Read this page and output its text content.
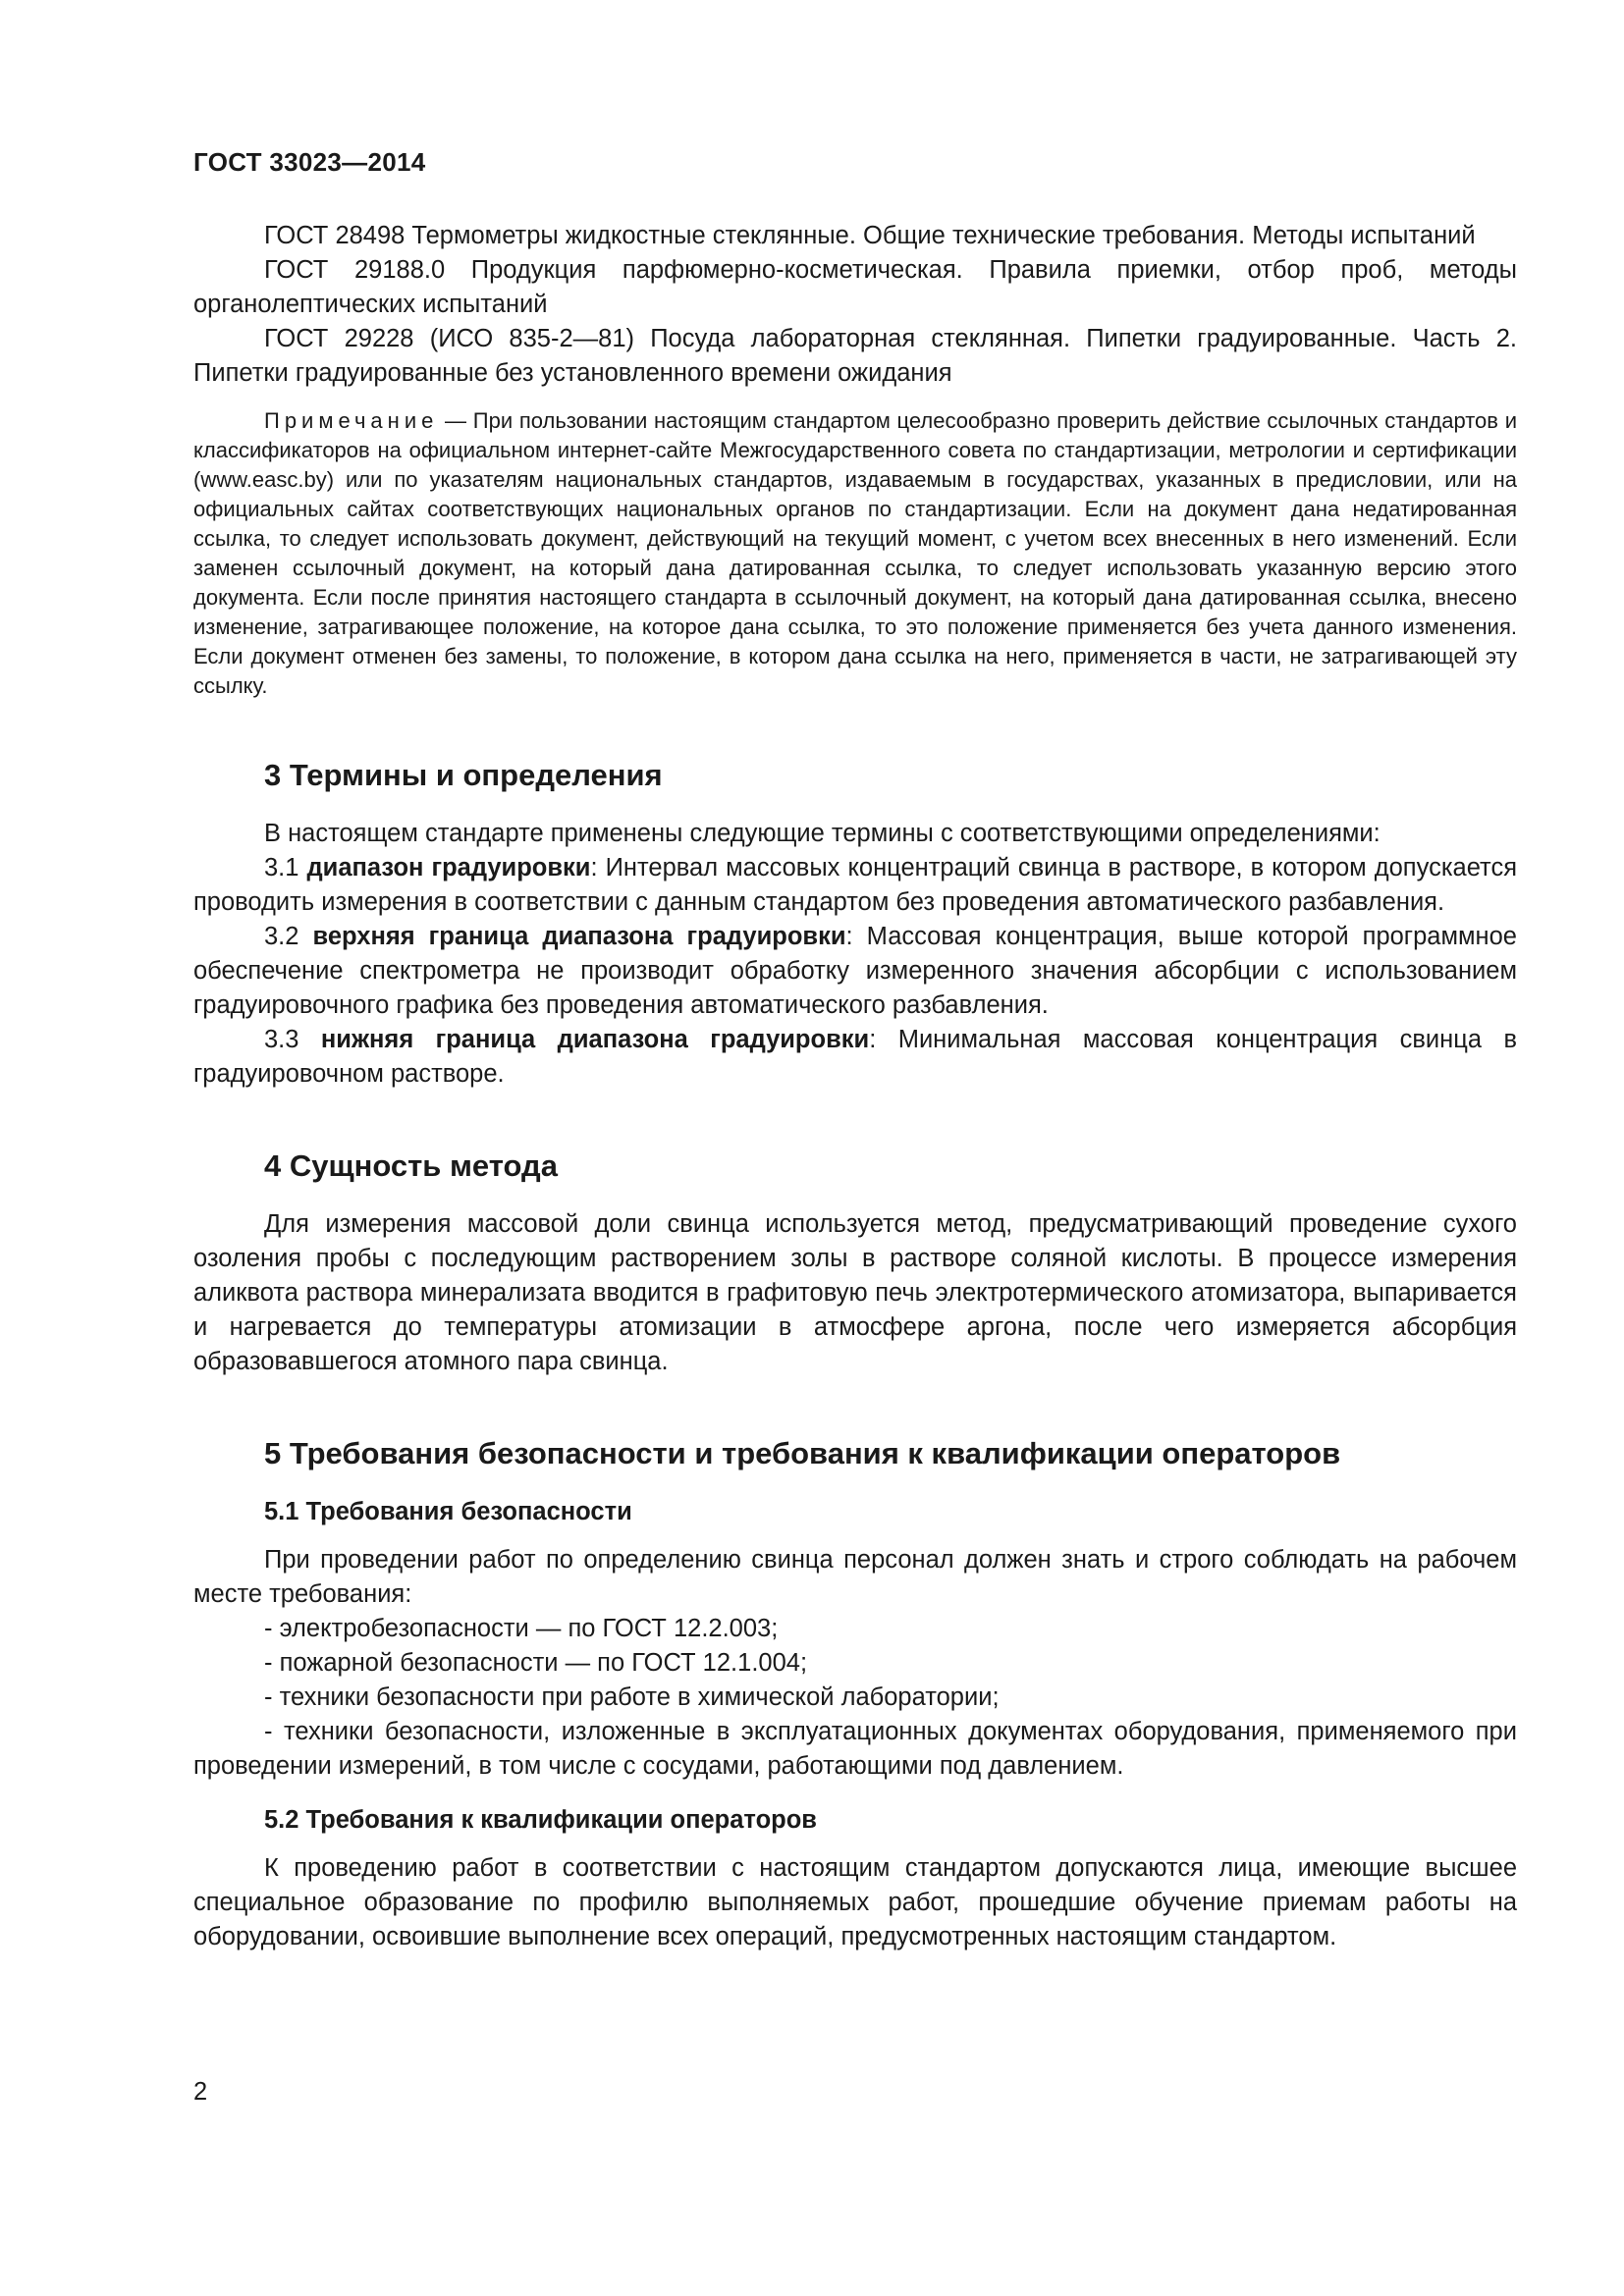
ГОСТ 33023—2014

ГОСТ 28498 Термометры жидкостные стеклянные. Общие технические требования. Методы испытаний

ГОСТ 29188.0 Продукция парфюмерно-косметическая. Правила приемки, отбор проб, методы органолептических испытаний

ГОСТ 29228 (ИСО 835-2—81) Посуда лабораторная стеклянная. Пипетки градуированные. Часть 2. Пипетки градуированные без установленного времени ожидания

Примечание — При пользовании настоящим стандартом целесообразно проверить действие ссылочных стандартов и классификаторов на официальном интернет-сайте Межгосударственного совета по стандартизации, метрологии и сертификации (www.easc.by) или по указателям национальных стандартов, издаваемым в государствах, указанных в предисловии, или на официальных сайтах соответствующих национальных органов по стандартизации. Если на документ дана недатированная ссылка, то следует использовать документ, действующий на текущий момент, с учетом всех внесенных в него изменений. Если заменен ссылочный документ, на который дана датированная ссылка, то следует использовать указанную версию этого документа. Если после принятия настоящего стандарта в ссылочный документ, на который дана датированная ссылка, внесено изменение, затрагивающее положение, на которое дана ссылка, то это положение применяется без учета данного изменения. Если документ отменен без замены, то положение, в котором дана ссылка на него, применяется в части, не затрагивающей эту ссылку.

3 Термины и определения

В настоящем стандарте применены следующие термины с соответствующими определениями:

3.1 диапазон градуировки: Интервал массовых концентраций свинца в растворе, в котором допускается проводить измерения в соответствии с данным стандартом без проведения автоматического разбавления.

3.2 верхняя граница диапазона градуировки: Массовая концентрация, выше которой программное обеспечение спектрометра не производит обработку измеренного значения абсорбции с использованием градуировочного графика без проведения автоматического разбавления.

3.3 нижняя граница диапазона градуировки: Минимальная массовая концентрация свинца в градуировочном растворе.

4 Сущность метода

Для измерения массовой доли свинца используется метод, предусматривающий проведение сухого озоления пробы с последующим растворением золы в растворе соляной кислоты. В процессе измерения аликвота раствора минерализата вводится в графитовую печь электротермического атомизатора, выпаривается и нагревается до температуры атомизации в атмосфере аргона, после чего измеряется абсорбция образовавшегося атомного пара свинца.

5 Требования безопасности и требования к квалификации операторов
5.1 Требования безопасности

При проведении работ по определению свинца персонал должен знать и строго соблюдать на рабочем месте требования:

- электробезопасности — по ГОСТ 12.2.003;

- пожарной безопасности — по ГОСТ 12.1.004;

- техники безопасности при работе в химической лаборатории;

- техники безопасности, изложенные в эксплуатационных документах оборудования, применяемого при проведении измерений, в том числе с сосудами, работающими под давлением.

5.2 Требования к квалификации операторов

К проведению работ в соответствии с настоящим стандартом допускаются лица, имеющие высшее специальное образование по профилю выполняемых работ, прошедшие обучение приемам работы на оборудовании, освоившие выполнение всех операций, предусмотренных настоящим стандартом.

2
